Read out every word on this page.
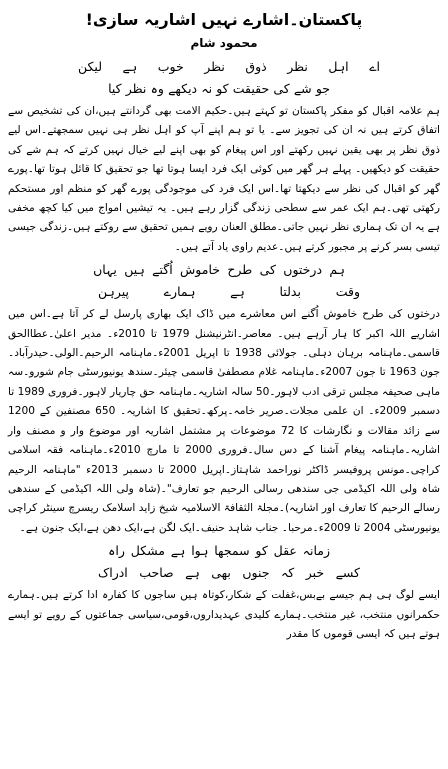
پاکستان۔اشارے نہیں اشاریہ سازی!
محمود شام
اے
اہل
نظر
ذوق
نظر
خوب
ہے
لیکن
جو
شے
کی
حقیقت
کو
نہ
دیکھے
وہ
نظر
کیا
ہم علامہ اقبال کو مفکر پاکستان تو کہتے ہیں۔حکیم الامت بھی گردانتے ہیں،ان کی تشخیص سے اتفاق کرتے ہیں نہ ان کی تجویز سے۔ یا تو ہم اپنے آپ کو اہل نظر ہی نہیں سمجھتے۔اس لیے ذوق نظر پر بھی یقین نہیں رکھتے اور اس پیغام کو بھی اپنے لیے خیال نہیں کرتے کہ ہم شے کی حقیقت کو دیکھیں۔ پہلے ہر گھر میں کوئی ایک فرد ایسا ہوتا تھا جو تحقیق کا قائل ہوتا تھا۔پورے گھر کو اقبال کی نظر سے دیکھتا تھا۔اس ایک فرد کی موجودگی پورے گھر کو منظم اور مستحکم رکھتی تھی۔ہم ایک عمر سے سطحی زندگی گزار رہے ہیں۔ یہ تیشیں امواج میں کیا کچھ مخفی ہے یہ ان تک ہماری نظر نہیں جاتی۔مطلق العنان رویے ہمیں تحقیق سے روکتے ہیں۔زندگی جیسی تیسی بسر کرنے پر مجبور کرتے ہیں۔عدیم راوی یاد آتے ہیں۔
ہم
درختوں
کی
طرح
خاموش
اُگتے
ہیں
یہاں
وقت
بدلتا
ہے
ہمارے
پیرہن
درختوں کی طرح خاموش اُگنے اس معاشرے میں ڈاک ایک بھاری پارسل لے کر آتا ہے۔اس میں اشاریے اللہ اکبر کا ہار آرہے ہیں۔ معاصر۔انٹرنیشنل 1979 تا 2010ء۔ مدیر اعلیٰ۔عطاالحق قاسمی۔ماہنامہ برہان دہلی۔ جولائی 1938 تا اپریل 2001ء۔ماہنامہ الرحیم۔الولی۔حیدرآباد۔جون 1963 تا جون 2007ء۔ماہنامہ غلام مصطفیٰ قاسمی چیئر۔سندھ یونیورسٹی جام شورو۔سہ ماہی صحیفہ مجلس ترقی ادب لاہور۔50 سالہ اشاریہ۔ماہنامہ حق چاریار لاہور۔فروری 1989 تا دسمبر 2009ء۔ ان علمی مجلات۔صریر خامہ۔پرکھ۔تحقیق کا اشاریہ۔ 650 مصنفین کے 1200 سے زائد مقالات و نگارشات کا 72 موضوعات پر مشتمل اشاریہ اور موضوع وار و مصنف وار اشاریہ۔ماہنامہ پیغام آشنا کے دس سال۔فروری 2000 تا مارچ 2010ء۔ماہنامہ فقہ اسلامی کراچی۔مونس پروفیسر ڈاکٹر نوراحمد شاہتاز۔اپریل 2000 تا دسمبر 2013ء "ماہنامہ الرحیم شاہ ولی اللہ اکیڈمی جی سندھی رسالی الرحیم جو تعارف"۔(شاہ ولی اللہ اکیڈمی کے سندھی رسالے الرحیم کا تعارف اور اشاریہ)۔مجلۃ الثقافۃ الاسلامیہ شیخ زاید اسلامک ریسرچ سینٹر کراچی یونیورسٹی 2004 تا 2009ء۔مرحبا۔ جناب شاہد حنیف۔ایک لگن ہے،ایک دھن ہے،ایک جنون ہے۔
زمانہ
عقل
کو
سمجھا
ہوا
ہے
مشکل
راہ
کسے
خبر
کہ
جنوں
بھی
ہے
صاحب
ادراک
ایسے لوگ ہی ہم جیسے بےبس،غفلت کے شکار،کوتاہ ہیں ساجوں کا کفارہ ادا کرتے ہیں۔ہمارے حکمرانوں منتخب، غیر منتخب۔ہمارے کلیدی عہدیداروں،قومی،سیاسی جماعتوں کے رویے تو ایسے ہوتے ہیں کہ ایسی قوموں کا مقدر
